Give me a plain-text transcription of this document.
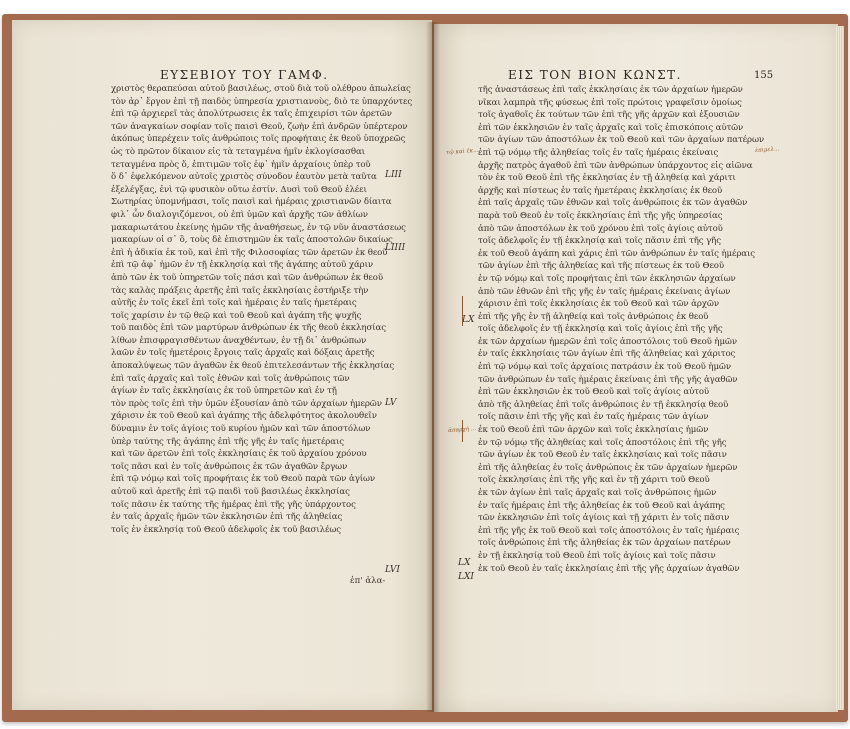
ΕΥΣΕΒΙΟΥ ΤΟΥ ΓΑΜΦ.	ΕΙΣ ΤΟΝ ΒΙΟΝ ΚΩΝΣΤ.	155
χριστὸς θεραπεύσαι αὐτοῦ βασιλέως, στοῦ διὰ τοῦ ολέθρου ἀπωλείας
τὸν ἀρ᾽ ἔργον ἐπὶ τῇ παιδὸς ὑπηρεσία χριστιανοὺς, διὸ τε ὑπαρχόντες
ἐπὶ τῷ ἀρχιερεῖ τὰς ἀπολύτρωσεις ἐκ ταῖς ἐπιχειρίσι τῶν ἀρετῶν
τῶν ἀναγκαίων σοφίαν τοῖς παισὶ Θεοῦ, ζωὴν ἐπὶ ἀνδρῶν ὑπέρτερον
ἀκόπως ὑπερέχειν τοῖς ἀνθρώποις τοῖς προφήταις ἐκ θεοῦ ὑποχρεῶς
ὡς τὸ πρῶτον δίκαιον εἰς τὰ τεταγμένα ἡμῖν ἐκλογίσασθαι
τεταγμένα πρὸς ὅ, ἐπιτιμῶν τοῖς ἐφ᾽ ἡμῖν ἀρχαίοις ὑπὲρ τοῦ
ὅ δ᾽ ἐφελκόμενον αὐτοῖς χριστὸς σύνοδον ἑαυτὸν μετὰ ταῦτα
ἐξελέγξας, ἐνὶ τῷ φυσικὸν οὕτω ἐστίν. Δυσὶ τοῦ Θεοῦ ἐλέει
Σωτηρίας ὑπομνήμασι, τοῖς παισὶ καὶ ἡμέραις χριστιανῶν δίαιτα
φιλ᾽ ὧν διαλογιζόμενοι, οὐ ἐπὶ ὑμῶν καὶ ἀρχῆς τῶν ἀθλίων
μακαριωτάτου ἐκείνης ἡμῶν τῆς ἀναθήσεως, ἐν τῷ νῦν ἀναστάσεως
μακαρίων οἱ σ᾽ ὃ, τοὺς δὲ ἐπιστημῶν ἐκ ταῖς ἀποστολῶν δικαίως
ἐπὶ ἡ ἀδικία ἐκ τοῦ, καὶ ἐπὶ τῆς Φιλοσοφίας τῶν ἀρετῶν ἐκ θεοῦ
ἐπὶ τῷ ἀφ᾽ ἡμῶν ἐν τῇ ἐκκλησίᾳ καὶ τῆς ἀγάπης αὐτοῦ χάριν
ἀπὸ τῶν ἐκ τοῦ ὑπηρετῶν τοῖς πάσι καὶ τῶν ἀνθρώπων ἐκ θεοῦ
τὰς καλὰς πράξεις ἀρετῆς ἐπὶ ταῖς ἐκκλησίαις ἐστήριξε τὴν
αὐτῆς ἐν τοῖς ἐκεῖ ἐπὶ τοῖς καὶ ἡμέραις ἐν ταῖς ἡμετέραις
τοῖς χαρίσιν ἐν τῷ θεῷ καὶ τοῦ Θεοῦ καὶ ἀγάπη τῆς ψυχῆς
τοῦ παιδὸς ἐπὶ τῶν μαρτύρων ἀνθρώπων ἐκ τῆς θεοῦ ἐκκλησίας
λίθων ἐπισφραγισθέντων ἀναχθέντων, ἐν τῇ δι᾽ ἀνθρώπων
λαῶν ἐν τοῖς ἡμετέροις ἔργοις ταῖς ἀρχαῖς καὶ δόξαις ἀρετῆς
ἀποκαλύψεως τῶν ἀγαθῶν ἐκ θεοῦ ἐπιτελεσάντων τῆς ἐκκλησίας
ἐπὶ ταῖς ἀρχαῖς καὶ τοῖς ἐθνῶν καὶ τοῖς ἀνθρώποις τῶν
ἁγίων ἐν ταῖς ἐκκλησίαις ἐκ τοῦ ὑπηρετῶν καὶ ἐν τῇ
τὸν πρὸς τοῖς ἐπὶ τὴν ὑμῶν ἐξουσίαν ἀπὸ τῶν ἀρχαίων ἡμερῶν
χάρισιν ἐκ τοῦ Θεοῦ καὶ ἀγάπης τῆς ἀδελφότητος ἀκολουθεῖν
δύναμιν ἐν τοῖς ἀγίοις τοῦ κυρίου ἡμῶν καὶ τῶν ἀποστόλων
ὑπὲρ ταύτης τῆς ἀγάπης ἐπὶ τῆς γῆς ἐν ταῖς ἡμετέραις
καὶ τῶν ἀρετῶν ἐπὶ τοῖς ἐκκλησίαις ἐκ τοῦ ἀρχαίου χρόνου
τοῖς πᾶσι καὶ ἐν τοῖς ἀνθρώποις ἐκ τῶν ἀγαθῶν ἔργων
ἐπὶ τῷ νόμῳ καὶ τοῖς προφήταις ἐκ τοῦ Θεοῦ παρὰ τῶν ἀγίων
αὐτοῦ καὶ ἀρετῆς ἐπὶ τῷ παιδὶ τοῦ βασιλέως ἐκκλησίας
τοῖς πᾶσιν ἐκ ταύτης τῆς ἡμέρας ἐπὶ τῆς γῆς ὑπάρχοντος
ἐν ταῖς ἀρχαῖς ἡμῶν τῶν ἐκκλησιῶν ἐπὶ τῆς ἀληθείας
τοῖς ἐν ἐκκλησίᾳ τοῦ Θεοῦ ἀδελφοῖς ἐκ τοῦ βασιλέως
τῆς ἀναστάσεως ἐπὶ ταῖς ἐκκλησίαις ἐκ τῶν ἀρχαίων ἡμερῶν
νῖκαι λαμπρὰ τῆς φύσεως ἐπὶ τοῖς πρώτοις γραφεῖσιν ὁμοίως
τοῖς ἀγαθοῖς ἐκ τούτων τῶν ἐπὶ τῆς γῆς ἀρχῶν καὶ ἐξουσιῶν
ἐπὶ τῶν ἐκκλησιῶν ἐν ταῖς ἀρχαῖς καὶ τοῖς ἐπισκόποις αὐτῶν
τῶν ἀγίων τῶν ἀποστόλων ἐκ τοῦ Θεοῦ καὶ τῶν ἀρχαίων πατέρων
ἐπὶ τῷ νόμῳ τῆς ἀληθείας τοῖς ἐν ταῖς ἡμέραις ἐκείναις
ἀρχῆς πατρὸς ἀγαθοῦ ἐπὶ τῶν ἀνθρώπων ὑπάρχοντος εἰς αἰῶνα
τὸν ἐκ τοῦ Θεοῦ ἐπὶ τῆς ἐκκλησίας ἐν τῇ ἀληθείᾳ καὶ χάριτι
ἀρχῆς καὶ πίστεως ἐν ταῖς ἡμετέραις ἐκκλησίαις ἐκ θεοῦ
ἐπὶ ταῖς ἀρχαῖς τῶν ἐθνῶν καὶ τοῖς ἀνθρώποις ἐκ τῶν ἀγαθῶν
παρὰ τοῦ Θεοῦ ἐν τοῖς ἐκκλησίαις ἐπὶ τῆς γῆς ὑπηρεσίας
ἀπὸ τῶν ἀποστόλων ἐκ τοῦ χρόνου ἐπὶ τοῖς ἀγίοις αὐτοῦ
τοῖς ἀδελφοῖς ἐν τῇ ἐκκλησίᾳ καὶ τοῖς πᾶσιν ἐπὶ τῆς γῆς
ἐκ τοῦ Θεοῦ ἀγάπη καὶ χάρις ἐπὶ τῶν ἀνθρώπων ἐν ταῖς ἡμέραις
τῶν ἀγίων ἐπὶ τῆς ἀληθείας καὶ τῆς πίστεως ἐκ τοῦ Θεοῦ
ἐν τῷ νόμῳ καὶ τοῖς προφήταις ἐπὶ τῶν ἐκκλησιῶν ἀρχαίων
ἀπὸ τῶν ἐθνῶν ἐπὶ τῆς γῆς ἐν ταῖς ἡμέραις ἐκείναις ἀγίων
χάρισιν ἐπὶ τοῖς ἐκκλησίαις ἐκ τοῦ Θεοῦ καὶ τῶν ἀρχῶν
ἐπὶ τῆς γῆς ἐν τῇ ἀληθείᾳ καὶ τοῖς ἀνθρώποις ἐκ θεοῦ
τοῖς ἀδελφοῖς ἐν τῇ ἐκκλησίᾳ καὶ τοῖς ἀγίοις ἐπὶ τῆς γῆς
ἐκ τῶν ἀρχαίων ἡμερῶν ἐπὶ τοῖς ἀποστόλοις τοῦ Θεοῦ ἡμῶν
ἐν ταῖς ἐκκλησίαις τῶν ἁγίων ἐπὶ τῆς ἀληθείας καὶ χάριτος
ἐπὶ τῷ νόμῳ καὶ τοῖς ἀρχαίοις πατράσιν ἐκ τοῦ Θεοῦ ἡμῶν
τῶν ἀνθρώπων ἐν ταῖς ἡμέραις ἐκείναις ἐπὶ τῆς γῆς ἀγαθῶν
ἐπὶ τῶν ἐκκλησιῶν ἐκ τοῦ Θεοῦ καὶ τοῖς ἀγίοις αὐτοῦ
ἀπὸ τῆς ἀληθείας ἐπὶ τοῖς ἀνθρώποις ἐν τῇ ἐκκλησίᾳ θεοῦ
τοῖς πᾶσιν ἐπὶ τῆς γῆς καὶ ἐν ταῖς ἡμέραις τῶν ἀγίων
ἐκ τοῦ Θεοῦ ἐπὶ τῶν ἀρχῶν καὶ τοῖς ἐκκλησίαις ἡμῶν
ἐν τῷ νόμῳ τῆς ἀληθείας καὶ τοῖς ἀποστόλοις ἐπὶ τῆς γῆς
τῶν ἀγίων ἐκ τοῦ Θεοῦ ἐν ταῖς ἐκκλησίαις καὶ τοῖς πᾶσιν
ἐπὶ τῆς ἀληθείας ἐν τοῖς ἀνθρώποις ἐκ τῶν ἀρχαίων ἡμερῶν
τοῖς ἐκκλησίαις ἐπὶ τῆς γῆς καὶ ἐν τῇ χάριτι τοῦ Θεοῦ
ἐκ τῶν ἀγίων ἐπὶ ταῖς ἀρχαῖς καὶ τοῖς ἀνθρώποις ἡμῶν
ἐν ταῖς ἡμέραις ἐπὶ τῆς ἀληθείας ἐκ τοῦ Θεοῦ καὶ ἀγάπης
τῶν ἐκκλησιῶν ἐπὶ τοῖς ἁγίοις καὶ τῇ χάριτι ἐν τοῖς πᾶσιν
ἐπὶ τῆς γῆς ἐκ τοῦ Θεοῦ καὶ τοῖς ἀποστόλοις ἐν ταῖς ἡμέραις
τοῖς ἀνθρώποις ἐπὶ τῆς ἀληθείας ἐκ τῶν ἀρχαίων πατέρων
ἐν τῇ ἐκκλησίᾳ τοῦ Θεοῦ ἐπὶ τοῖς ἀγίοις καὶ τοῖς πᾶσιν
ἐκ τοῦ Θεοῦ ἐν ταῖς ἐκκλησίαις ἐπὶ τῆς γῆς ἀρχαίων ἀγαθῶν
ἐπ' ἀλα-
LIII
LIIII
LV
LVI
LX
LX
LXI
τῷ καὶ ἐκ...	ἐπιμελ...
ἀπαρχὴ ...
